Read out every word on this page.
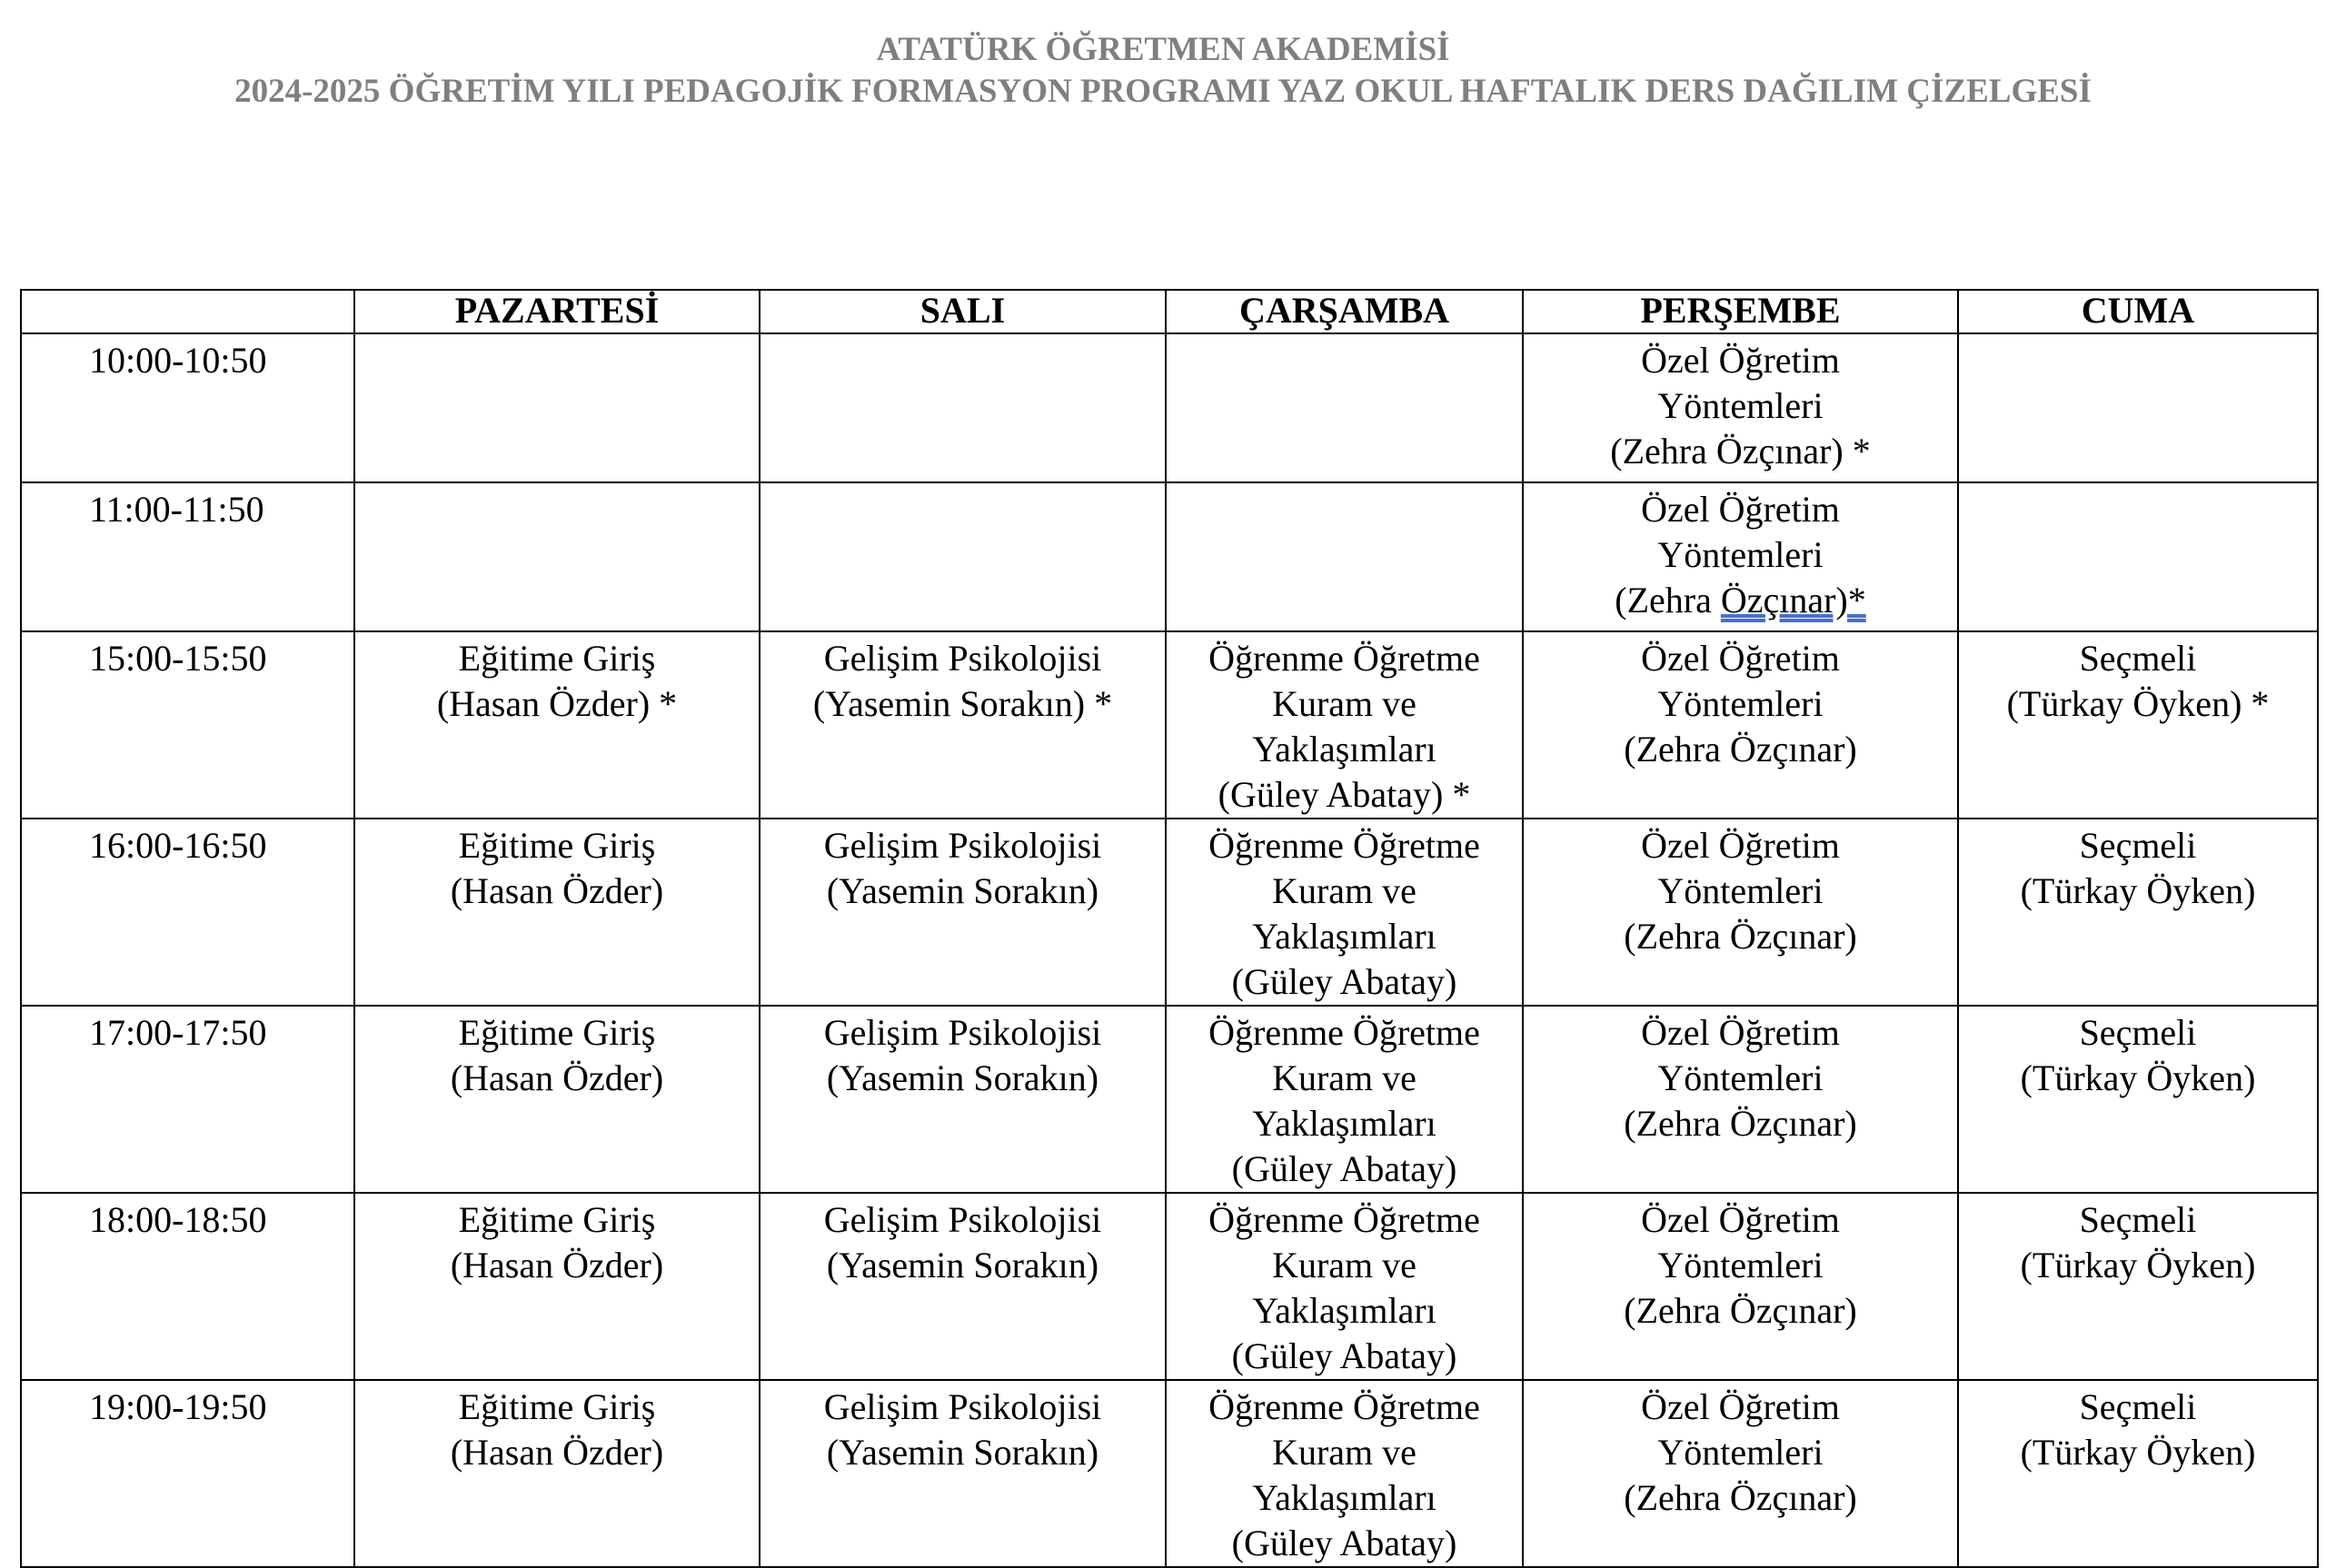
ATATÜRK ÖĞRETMEN AKADEMİSİ
2024-2025 ÖĞRETİM YILI PEDAGOJİK FORMASYON PROGRAMI YAZ OKUL HAFTALIK DERS DAĞILIM ÇİZELGESİ
	PAZARTESİ	SALI	ÇARŞAMBA	PERŞEMBE	CUMA
10:00-10:50				Özel Öğretim
Yöntemleri
(Zehra Özçınar) *	

11:00-11:50				Özel Öğretim
Yöntemleri
(Zehra Özçınar)*	

15:00-15:50	Eğitime Giriş
(Hasan Özder) *	Gelişim Psikolojisi
(Yasemin Sorakın) *	Öğrenme Öğretme
Kuram ve
Yaklaşımları
(Güley Abatay) *	Özel Öğretim
Yöntemleri
(Zehra Özçınar)	Seçmeli
(Türkay Öyken) *

16:00-16:50	Eğitime Giriş
(Hasan Özder)	Gelişim Psikolojisi
(Yasemin Sorakın)	Öğrenme Öğretme
Kuram ve
Yaklaşımları
(Güley Abatay)	Özel Öğretim
Yöntemleri
(Zehra Özçınar)	Seçmeli
(Türkay Öyken)

17:00-17:50	Eğitime Giriş
(Hasan Özder)	Gelişim Psikolojisi
(Yasemin Sorakın)	Öğrenme Öğretme
Kuram ve
Yaklaşımları
(Güley Abatay)	Özel Öğretim
Yöntemleri
(Zehra Özçınar)	Seçmeli
(Türkay Öyken)

18:00-18:50	Eğitime Giriş
(Hasan Özder)	Gelişim Psikolojisi
(Yasemin Sorakın)	Öğrenme Öğretme
Kuram ve
Yaklaşımları
(Güley Abatay)	Özel Öğretim
Yöntemleri
(Zehra Özçınar)	Seçmeli
(Türkay Öyken)

19:00-19:50	Eğitime Giriş
(Hasan Özder)	Gelişim Psikolojisi
(Yasemin Sorakın)	Öğrenme Öğretme
Kuram ve
Yaklaşımları
(Güley Abatay)	Özel Öğretim
Yöntemleri
(Zehra Özçınar)	Seçmeli
(Türkay Öyken)
